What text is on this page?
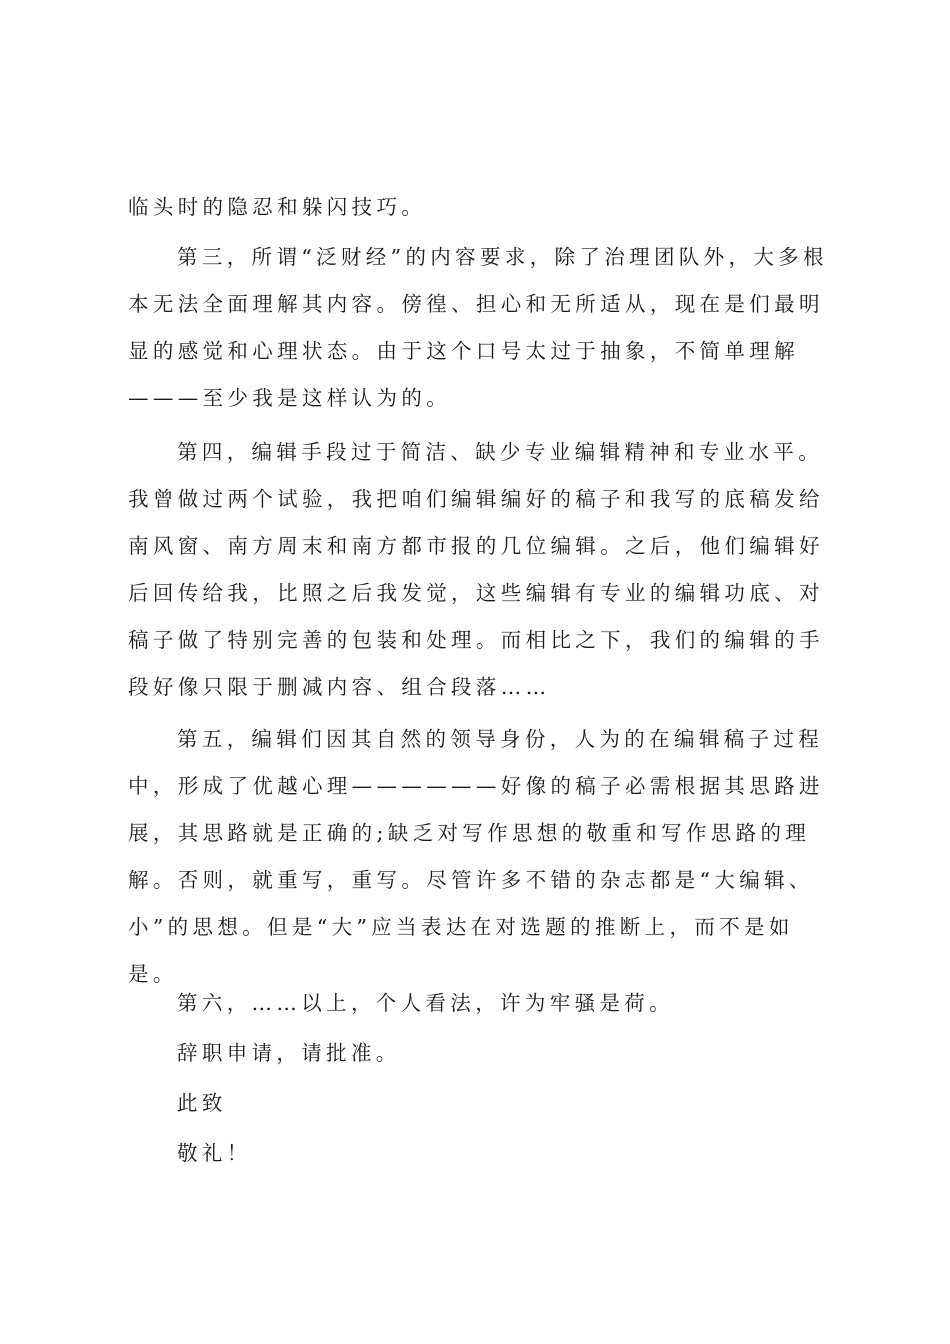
临头时的隐忍和躲闪技巧。

第三，所谓“泛财经”的内容要求，除了治理团队外，大多根本无法全面理解其内容。傍徨、担心和无所适从，现在是们最明显的感觉和心理状态。由于这个口号太过于抽象，不简单理解———至少我是这样认为的。

第四，编辑手段过于简洁、缺少专业编辑精神和专业水平。我曾做过两个试验，我把咱们编辑编好的稿子和我写的底稿发给南风窗、南方周末和南方都市报的几位编辑。之后，他们编辑好后回传给我，比照之后我发觉，这些编辑有专业的编辑功底、对稿子做了特别完善的包装和处理。而相比之下，我们的编辑的手段好像只限于删减内容、组合段落……

第五，编辑们因其自然的领导身份，人为的在编辑稿子过程中，形成了优越心理——————好像的稿子必需根据其思路进展，其思路就是正确的;缺乏对写作思想的敬重和写作思路的理解。否则，就重写，重写。尽管许多不错的杂志都是“大编辑、小”的思想。但是“大”应当表达在对选题的推断上，而不是如是。

第六，……以上，个人看法，许为牢骚是荷。

辞职申请，请批准。

此致

敬礼！
